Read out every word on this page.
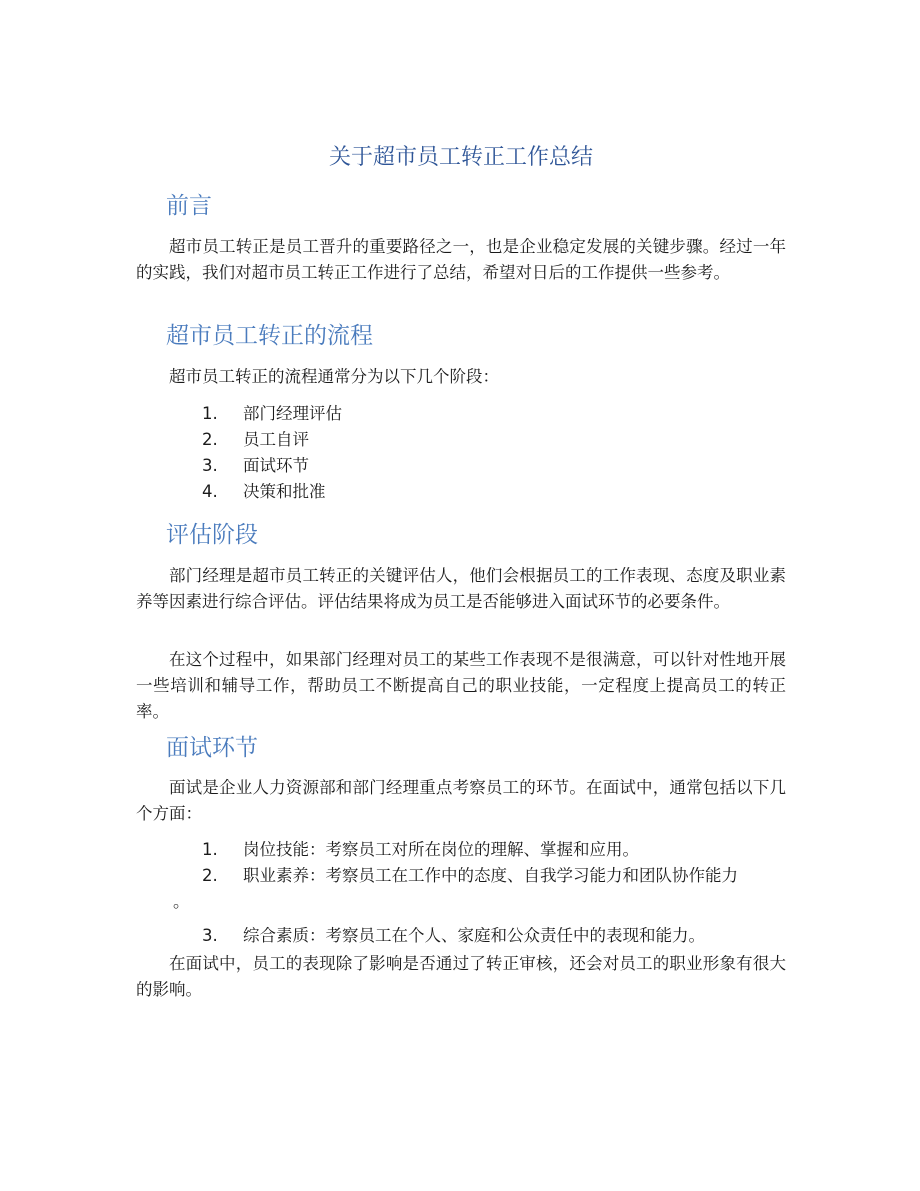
关于超市员工转正工作总结
前言

超市员工转正是员工晋升的重要路径之一，也是企业稳定发展的关键步骤。经过一年的实践，我们对超市员工转正工作进行了总结，希望对日后的工作提供一些参考。

超市员工转正的流程

超市员工转正的流程通常分为以下几个阶段：

1. 部门经理评估
2. 员工自评
3. 面试环节
4. 决策和批准
评估阶段

部门经理是超市员工转正的关键评估人，他们会根据员工的工作表现、态度及职业素养等因素进行综合评估。评估结果将成为员工是否能够进入面试环节的必要条件。

在这个过程中，如果部门经理对员工的某些工作表现不是很满意，可以针对性地开展一些培训和辅导工作，帮助员工不断提高自己的职业技能，一定程度上提高员工的转正率。

面试环节

面试是企业人力资源部和部门经理重点考察员工的环节。在面试中，通常包括以下几个方面：

1. 岗位技能：考察员工对所在岗位的理解、掌握和应用。
2. 职业素养：考察员工在工作中的态度、自我学习能力和团队协作能力
。
3. 综合素质：考察员工在个人、家庭和公众责任中的表现和能力。

在面试中，员工的表现除了影响是否通过了转正审核，还会对员工的职业形象有很大的影响。
